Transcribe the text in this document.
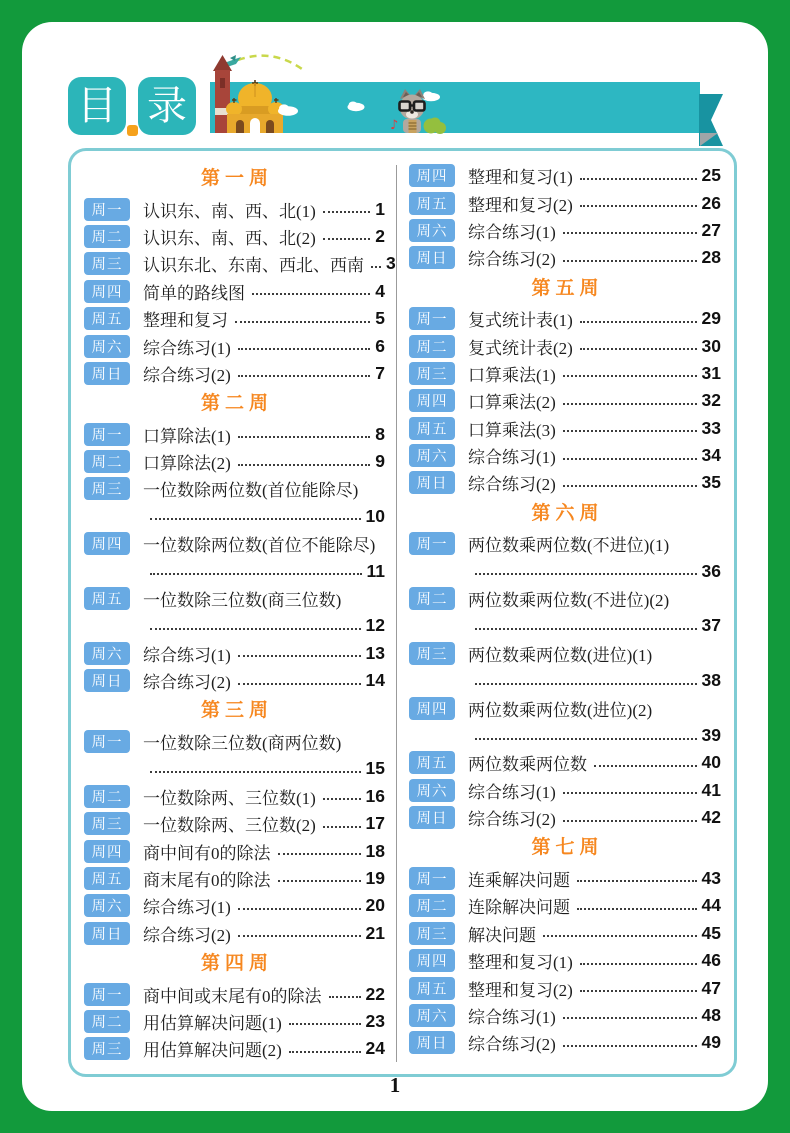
目 录	♪
第一周
周一	认识东、南、西、北(1)	1
周二	认识东、南、西、北(2)	2
周三	认识东北、东南、西北、西南 3
周四	简单的路线图	4
周五	整理和复习	5
周六	综合练习(1)	6
周日	综合练习(2)	7
第二周
周一	口算除法(1)	8
周二	口算除法(2)	9
周三	一位数除两位数(首位能除尽)
10
周四	一位数除两位数(首位不能除尽)
11
周五	一位数除三位数(商三位数)
12
周六	综合练习(1)	13
周日	综合练习(2)	14
第三周
周一	一位数除三位数(商两位数)
15
周二	一位数除两、三位数(1)	16
周三	一位数除两、三位数(2)	17
周四	商中间有0的除法	18
周五	商末尾有0的除法	19
周六	综合练习(1)	20
周日	综合练习(2)	21
第四周
周一	商中间或末尾有0的除法	22
周二	用估算解决问题(1)	23
周三	用估算解决问题(2)	24
周四	整理和复习(1)	25
周五	整理和复习(2)	26
周六	综合练习(1)	27
周日	综合练习(2)	28
第五周
周一	复式统计表(1)	29
周二	复式统计表(2)	30
周三	口算乘法(1)	31
周四	口算乘法(2)	32
周五	口算乘法(3)	33
周六	综合练习(1)	34
周日	综合练习(2)	35
第六周
周一	两位数乘两位数(不进位)(1)
36
周二	两位数乘两位数(不进位)(2)
37
周三	两位数乘两位数(进位)(1)
38
周四	两位数乘两位数(进位)(2)
39
周五	两位数乘两位数	40
周六	综合练习(1)	41
周日	综合练习(2)	42
第七周
周一	连乘解决问题	43
周二	连除解决问题	44
周三	解决问题	45
周四	整理和复习(1)	46
周五	整理和复习(2)	47
周六	综合练习(1)	48
周日	综合练习(2)	49
1
